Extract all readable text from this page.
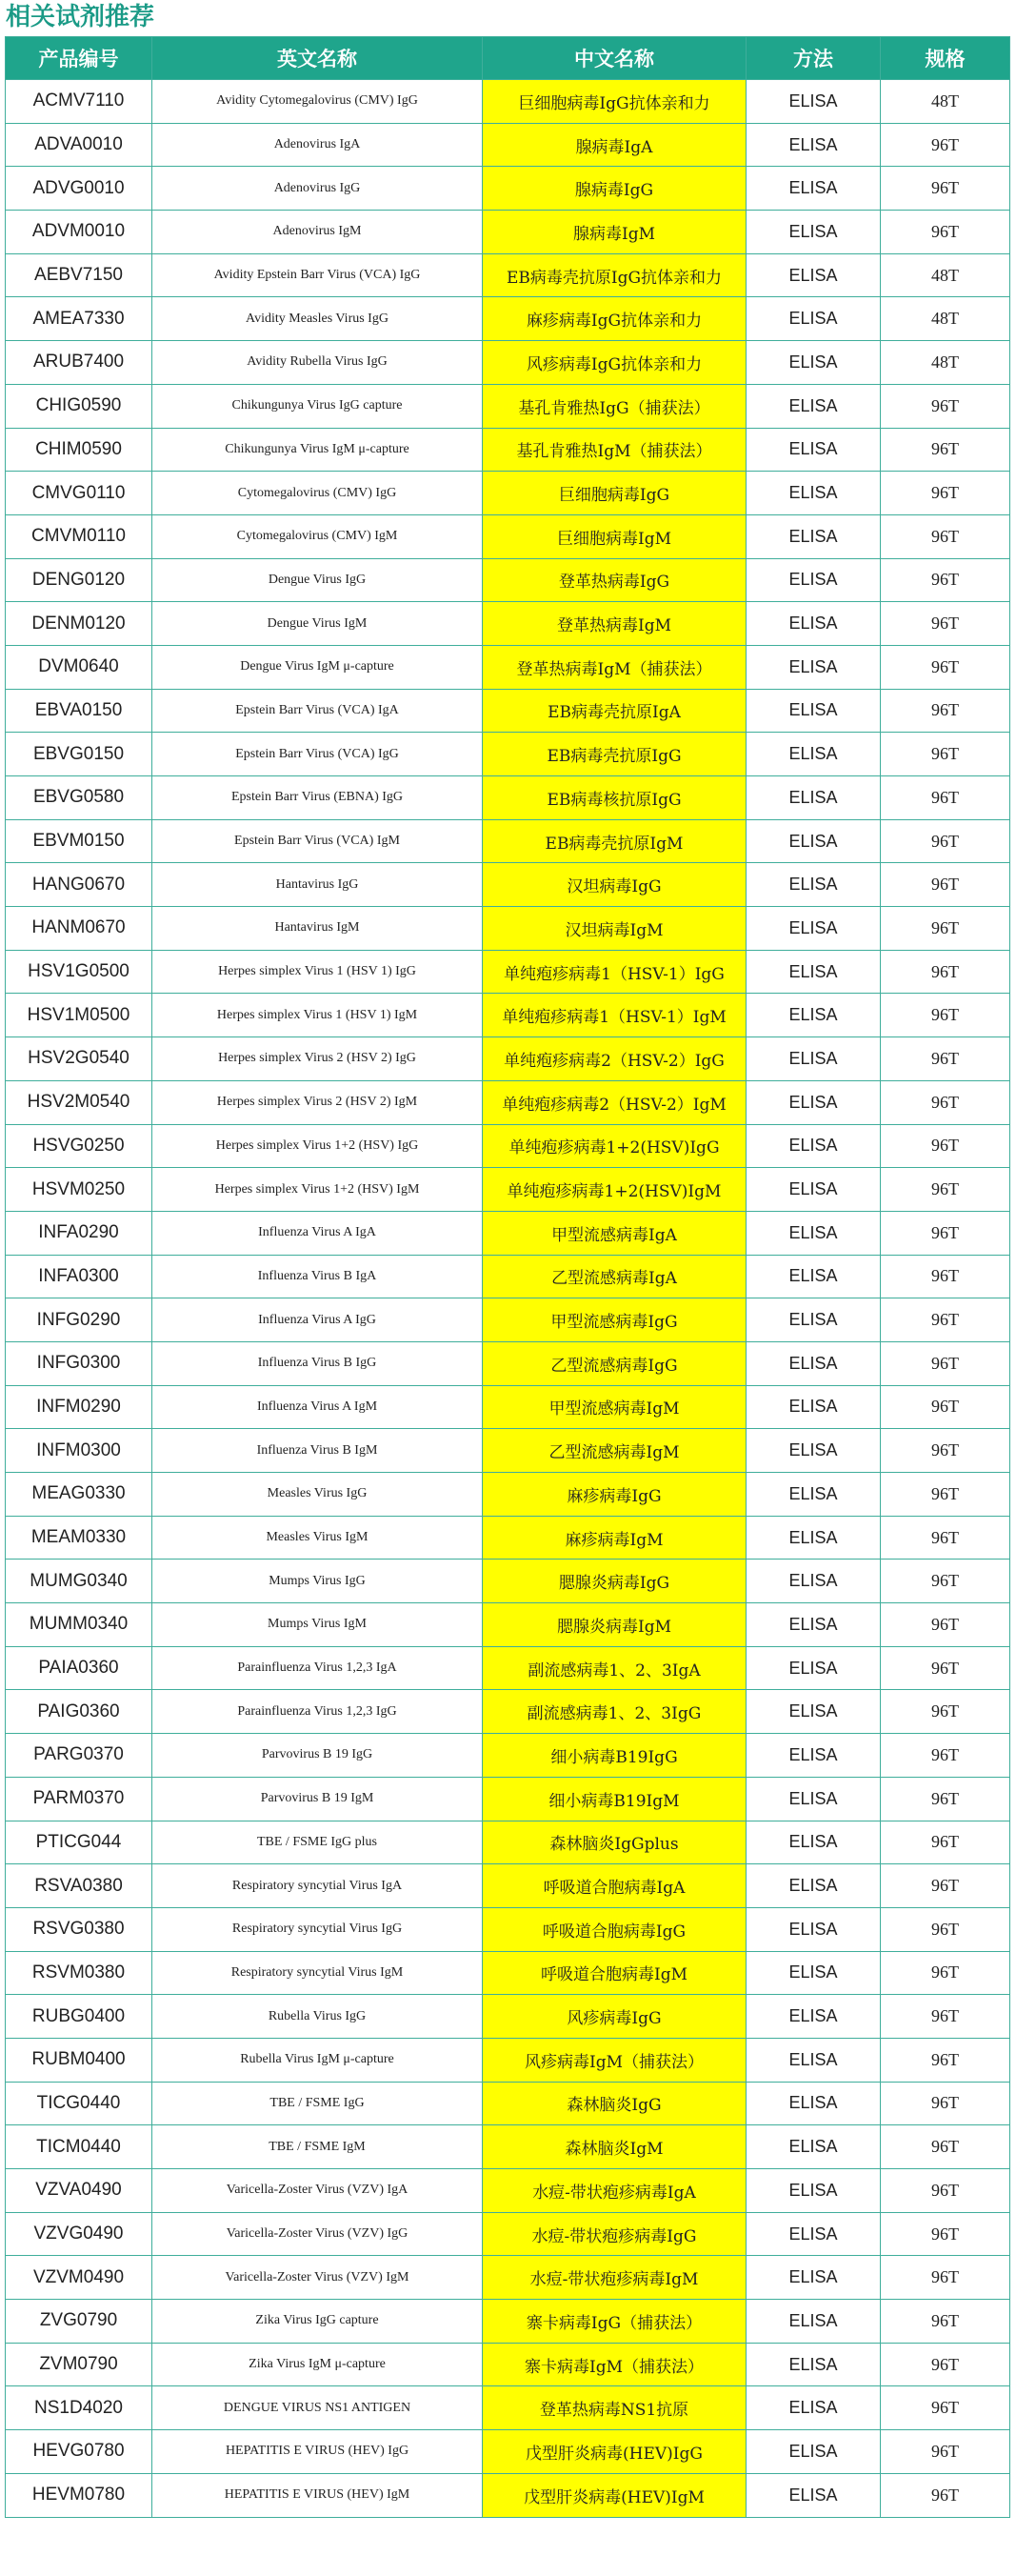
相关试剂推荐
产品编号	英文名称	中文名称	方法	规格
ACMV7110	Avidity Cytomegalovirus (CMV) IgG	巨细胞病毒IgG抗体亲和力	ELISA	48T
ADVA0010	Adenovirus IgA	腺病毒IgA	ELISA	96T
ADVG0010	Adenovirus IgG	腺病毒IgG	ELISA	96T
ADVM0010	Adenovirus IgM	腺病毒IgM	ELISA	96T
AEBV7150	Avidity Epstein Barr Virus (VCA) IgG	EB病毒壳抗原IgG抗体亲和力	ELISA	48T
AMEA7330	Avidity Measles Virus IgG	麻疹病毒IgG抗体亲和力	ELISA	48T
ARUB7400	Avidity Rubella Virus IgG	风疹病毒IgG抗体亲和力	ELISA	48T
CHIG0590	Chikungunya Virus IgG capture	基孔肯雅热IgG（捕获法）	ELISA	96T
CHIM0590	Chikungunya Virus IgM μ-capture	基孔肯雅热IgM（捕获法）	ELISA	96T
CMVG0110	Cytomegalovirus (CMV) IgG	巨细胞病毒IgG	ELISA	96T
CMVM0110	Cytomegalovirus (CMV) IgM	巨细胞病毒IgM	ELISA	96T
DENG0120	Dengue Virus IgG	登革热病毒IgG	ELISA	96T
DENM0120	Dengue Virus IgM	登革热病毒IgM	ELISA	96T
DVM0640	Dengue Virus IgM μ-capture	登革热病毒IgM（捕获法）	ELISA	96T
EBVA0150	Epstein Barr Virus (VCA) IgA	EB病毒壳抗原IgA	ELISA	96T
EBVG0150	Epstein Barr Virus (VCA) IgG	EB病毒壳抗原IgG	ELISA	96T
EBVG0580	Epstein Barr Virus (EBNA) IgG	EB病毒核抗原IgG	ELISA	96T
EBVM0150	Epstein Barr Virus (VCA) IgM	EB病毒壳抗原IgM	ELISA	96T
HANG0670	Hantavirus IgG	汉坦病毒IgG	ELISA	96T
HANM0670	Hantavirus IgM	汉坦病毒IgM	ELISA	96T
HSV1G0500	Herpes simplex Virus 1 (HSV 1) IgG	单纯疱疹病毒1（HSV-1）IgG	ELISA	96T
HSV1M0500	Herpes simplex Virus 1 (HSV 1) IgM	单纯疱疹病毒1（HSV-1）IgM	ELISA	96T
HSV2G0540	Herpes simplex Virus 2 (HSV 2) IgG	单纯疱疹病毒2（HSV-2）IgG	ELISA	96T
HSV2M0540	Herpes simplex Virus 2 (HSV 2) IgM	单纯疱疹病毒2（HSV-2）IgM	ELISA	96T
HSVG0250	Herpes simplex Virus 1+2 (HSV) IgG	单纯疱疹病毒1+2(HSV)IgG	ELISA	96T
HSVM0250	Herpes simplex Virus 1+2 (HSV) IgM	单纯疱疹病毒1+2(HSV)IgM	ELISA	96T
INFA0290	Influenza Virus A IgA	甲型流感病毒IgA	ELISA	96T
INFA0300	Influenza Virus B IgA	乙型流感病毒IgA	ELISA	96T
INFG0290	Influenza Virus A IgG	甲型流感病毒IgG	ELISA	96T
INFG0300	Influenza Virus B IgG	乙型流感病毒IgG	ELISA	96T
INFM0290	Influenza Virus A IgM	甲型流感病毒IgM	ELISA	96T
INFM0300	Influenza Virus B IgM	乙型流感病毒IgM	ELISA	96T
MEAG0330	Measles Virus IgG	麻疹病毒IgG	ELISA	96T
MEAM0330	Measles Virus IgM	麻疹病毒IgM	ELISA	96T
MUMG0340	Mumps Virus IgG	腮腺炎病毒IgG	ELISA	96T
MUMM0340	Mumps Virus IgM	腮腺炎病毒IgM	ELISA	96T
PAIA0360	Parainfluenza Virus 1,2,3 IgA	副流感病毒1、2、3IgA	ELISA	96T
PAIG0360	Parainfluenza Virus 1,2,3 IgG	副流感病毒1、2、3IgG	ELISA	96T
PARG0370	Parvovirus B 19 IgG	细小病毒B19IgG	ELISA	96T
PARM0370	Parvovirus B 19 IgM	细小病毒B19IgM	ELISA	96T
PTICG044	TBE / FSME IgG plus	森林脑炎IgGplus	ELISA	96T
RSVA0380	Respiratory syncytial Virus IgA	呼吸道合胞病毒IgA	ELISA	96T
RSVG0380	Respiratory syncytial Virus IgG	呼吸道合胞病毒IgG	ELISA	96T
RSVM0380	Respiratory syncytial Virus IgM	呼吸道合胞病毒IgM	ELISA	96T
RUBG0400	Rubella Virus IgG	风疹病毒IgG	ELISA	96T
RUBM0400	Rubella Virus IgM μ-capture	风疹病毒IgM（捕获法）	ELISA	96T
TICG0440	TBE / FSME IgG	森林脑炎IgG	ELISA	96T
TICM0440	TBE / FSME IgM	森林脑炎IgM	ELISA	96T
VZVA0490	Varicella-Zoster Virus (VZV) IgA	水痘-带状疱疹病毒IgA	ELISA	96T
VZVG0490	Varicella-Zoster Virus (VZV) IgG	水痘-带状疱疹病毒IgG	ELISA	96T
VZVM0490	Varicella-Zoster Virus (VZV) IgM	水痘-带状疱疹病毒IgM	ELISA	96T
ZVG0790	Zika Virus IgG capture	寨卡病毒IgG（捕获法）	ELISA	96T
ZVM0790	Zika Virus IgM μ-capture	寨卡病毒IgM（捕获法）	ELISA	96T
NS1D4020	DENGUE VIRUS NS1 ANTIGEN	登革热病毒NS1抗原	ELISA	96T
HEVG0780	HEPATITIS E VIRUS (HEV) IgG	戊型肝炎病毒(HEV)IgG	ELISA	96T
HEVM0780	HEPATITIS E VIRUS (HEV) IgM	戊型肝炎病毒(HEV)IgM	ELISA	96T
